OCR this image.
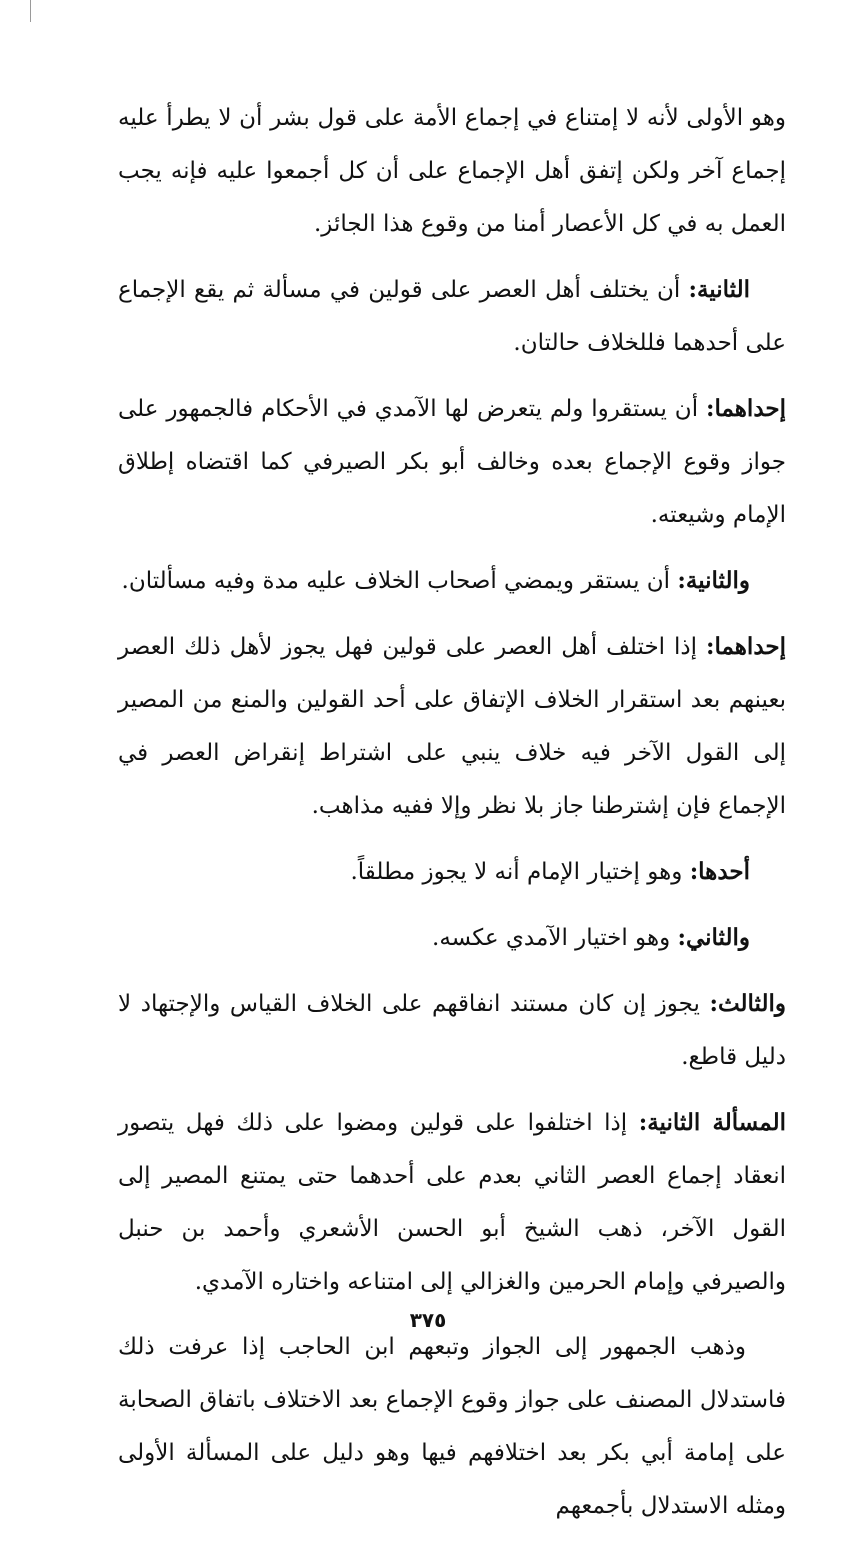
وهو الأولى لأنه لا إمتناع في إجماع الأمة على قول بشر أن لا يطرأ عليه إجماع آخر ولكن إتفق أهل الإجماع على أن كل أجمعوا عليه فإنه يجب العمل به في كل الأعصار أمنا من وقوع هذا الجائز.

الثانية: أن يختلف أهل العصر على قولين في مسألة ثم يقع الإجماع على أحدهما فللخلاف حالتان.

إحداهما: أن يستقروا ولم يتعرض لها الآمدي في الأحكام فالجمهور على جواز وقوع الإجماع بعده وخالف أبو بكر الصيرفي كما اقتضاه إطلاق الإمام وشيعته.

والثانية: أن يستقر ويمضي أصحاب الخلاف عليه مدة وفيه مسألتان.

إحداهما: إذا اختلف أهل العصر على قولين فهل يجوز لأهل ذلك العصر بعينهم بعد استقرار الخلاف الإتفاق على أحد القولين والمنع من المصير إلى القول الآخر فيه خلاف ينبي على اشتراط إنقراض العصر في الإجماع فإن إشترطنا جاز بلا نظر وإلا ففيه مذاهب.

أحدها: وهو إختيار الإمام أنه لا يجوز مطلقاً.

والثاني: وهو اختيار الآمدي عكسه.

والثالث: يجوز إن كان مستند انفاقهم على الخلاف القياس والإجتهاد لا دليل قاطع.

المسألة الثانية: إذا اختلفوا على قولين ومضوا على ذلك فهل يتصور انعقاد إجماع العصر الثاني بعدم على أحدهما حتى يمتنع المصير إلى القول الآخر، ذهب الشيخ أبو الحسن الأشعري وأحمد بن حنبل والصيرفي وإمام الحرمين والغزالي إلى امتناعه واختاره الآمدي.

وذهب الجمهور إلى الجواز وتبعهم ابن الحاجب إذا عرفت ذلك فاستدلال المصنف على جواز وقوع الإجماع بعد الاختلاف باتفاق الصحابة على إمامة أبي بكر بعد اختلافهم فيها وهو دليل على المسألة الأولى ومثله الاستدلال بأجمعهم

٣٧٥
